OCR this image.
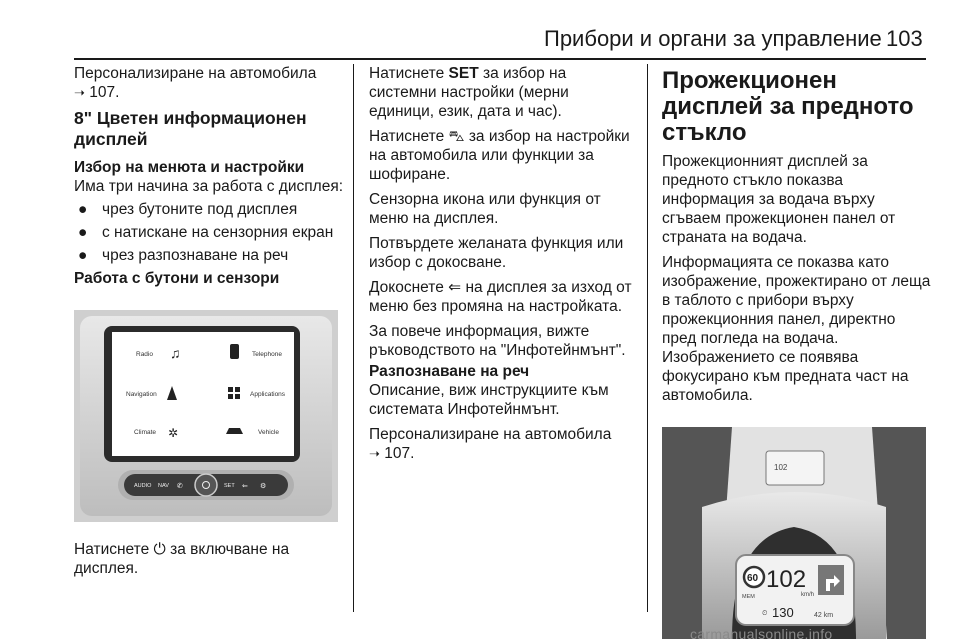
Прибори и органи за управление 103

Персонализиране на автомобила
➝ 107.

8" Цветен информационен дисплей
Избор на менюта и настройки

Има три начина за работа с дисплея:

● чрез бутоните под дисплея
● с натискане на сензорния екран
● чрез разпознаване на реч
Работа с бутони и сензори
Radio	Telephone
Navigation	Applications
Climate	Vehicle
♫
✲
AUDIO NAV	SET
✆	⇐ ⚙

Натиснете ⏻ за включване на дисплея.

Натиснете SET за избор на системни настройки (мерни единици, език, дата и час).

Натиснете ⛍ за избор на настройки на автомобила или функции за шофиране.

Сензорна икона или функция от меню на дисплея.

Потвърдете желаната функция или избор с докосване.

Докоснете ⇐ на дисплея за изход от меню без промяна на настройката.

За повече информация, вижте ръководството на "Инфотейнмънт".

Разпознаване на реч

Описание, виж инструкциите към системата Инфотейнмънт.

Персонализиране на автомобила
➝ 107.

Прожекционен дисплей за предното стъкло

Прожекционният дисплей за предното стъкло показва информация за водача върху сгъваем прожекционен панел от страната на водача.

Информацията се показва като изображение, прожектирано от леща в таблото с прибори върху прожекционния панел, директно пред погледа на водача. Изображението се появява фокусирано към предната част на автомобила.

102
60 102
km/h
MEM
⏲ 130	42 km
carmanualsonline.info
